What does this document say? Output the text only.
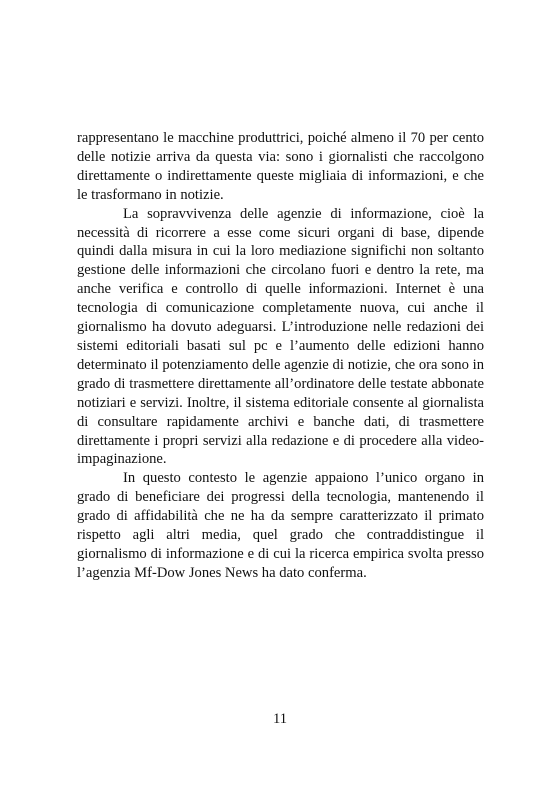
rappresentano le macchine produttrici, poiché almeno il 70 per cento delle notizie arriva da questa via: sono i giornalisti che raccolgono direttamente o indirettamente queste migliaia di informazioni, e che le trasformano in notizie.

La sopravvivenza delle agenzie di informazione, cioè la necessità di ricorrere a esse come sicuri organi di base, dipende quindi dalla misura in cui la loro mediazione significhi non soltanto gestione delle informazioni che circolano fuori e dentro la rete, ma anche verifica e controllo di quelle informazioni. Internet è una tecnologia di comunicazione completamente nuova, cui anche il giornalismo ha dovuto adeguarsi. L’introduzione nelle redazioni dei sistemi editoriali basati sul pc e l’aumento delle edizioni hanno determinato il potenziamento delle agenzie di notizie, che ora sono in grado di trasmettere direttamente all’ordinatore delle testate abbonate notiziari e servizi. Inoltre, il sistema editoriale consente al giornalista di consultare rapidamente archivi e banche dati, di trasmettere direttamente i propri servizi alla redazione e di procedere alla video-impaginazione.

In questo contesto le agenzie appaiono l’unico organo in grado di beneficiare dei progressi della tecnologia, mantenendo il grado di affidabilità che ne ha da sempre caratterizzato il primato rispetto agli altri media, quel grado che contraddistingue il giornalismo di informazione e di cui la ricerca empirica svolta presso l’agenzia Mf-Dow Jones News ha dato conferma.

11
